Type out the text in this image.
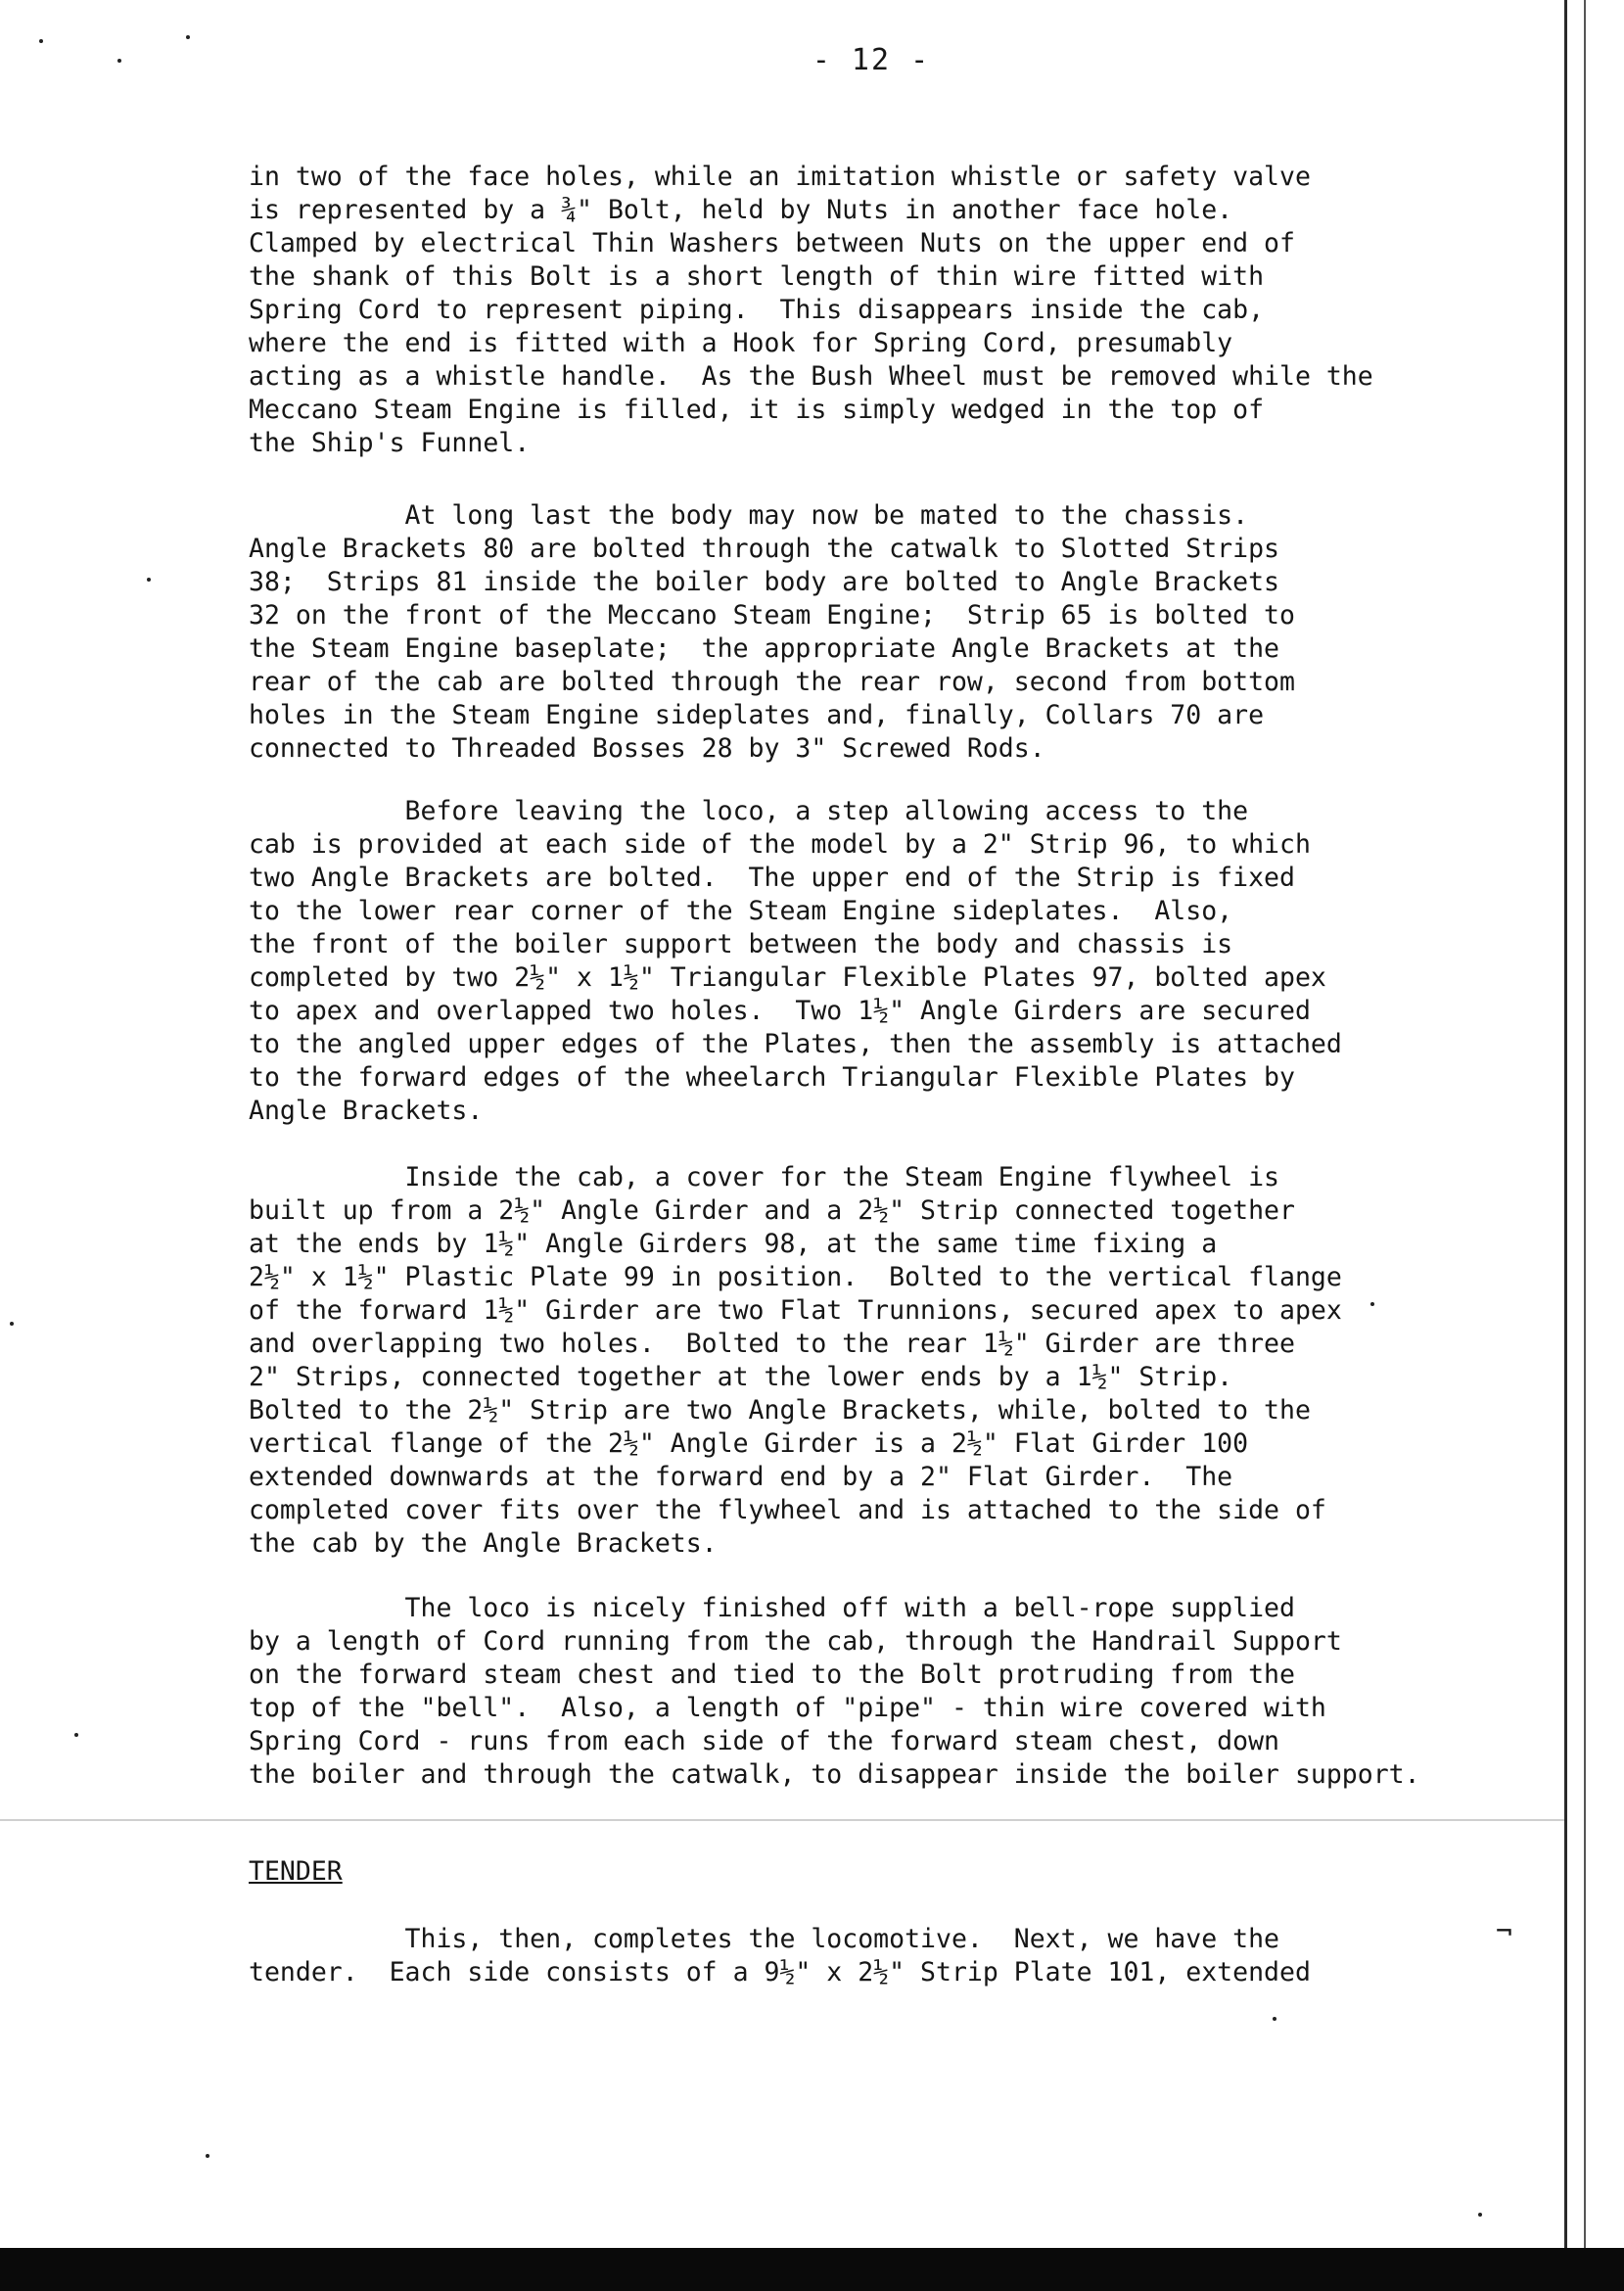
- 12 -
in two of the face holes, while an imitation whistle or safety valve
is represented by a ¾" Bolt, held by Nuts in another face hole.
Clamped by electrical Thin Washers between Nuts on the upper end of
the shank of this Bolt is a short length of thin wire fitted with
Spring Cord to represent piping.  This disappears inside the cab,
where the end is fitted with a Hook for Spring Cord, presumably
acting as a whistle handle.  As the Bush Wheel must be removed while the
Meccano Steam Engine is filled, it is simply wedged in the top of
the Ship's Funnel.
At long last the body may now be mated to the chassis.
Angle Brackets 80 are bolted through the catwalk to Slotted Strips
38;  Strips 81 inside the boiler body are bolted to Angle Brackets
32 on the front of the Meccano Steam Engine;  Strip 65 is bolted to
the Steam Engine baseplate;  the appropriate Angle Brackets at the
rear of the cab are bolted through the rear row, second from bottom
holes in the Steam Engine sideplates and, finally, Collars 70 are
connected to Threaded Bosses 28 by 3" Screwed Rods.
Before leaving the loco, a step allowing access to the
cab is provided at each side of the model by a 2" Strip 96, to which
two Angle Brackets are bolted.  The upper end of the Strip is fixed
to the lower rear corner of the Steam Engine sideplates.  Also,
the front of the boiler support between the body and chassis is
completed by two 2½" x 1½" Triangular Flexible Plates 97, bolted apex
to apex and overlapped two holes.  Two 1½" Angle Girders are secured
to the angled upper edges of the Plates, then the assembly is attached
to the forward edges of the wheelarch Triangular Flexible Plates by
Angle Brackets.
Inside the cab, a cover for the Steam Engine flywheel is
built up from a 2½" Angle Girder and a 2½" Strip connected together
at the ends by 1½" Angle Girders 98, at the same time fixing a
2½" x 1½" Plastic Plate 99 in position.  Bolted to the vertical flange
of the forward 1½" Girder are two Flat Trunnions, secured apex to apex
and overlapping two holes.  Bolted to the rear 1½" Girder are three
2" Strips, connected together at the lower ends by a 1½" Strip.
Bolted to the 2½" Strip are two Angle Brackets, while, bolted to the
vertical flange of the 2½" Angle Girder is a 2½" Flat Girder 100
extended downwards at the forward end by a 2" Flat Girder.  The
completed cover fits over the flywheel and is attached to the side of
the cab by the Angle Brackets.
The loco is nicely finished off with a bell-rope supplied
by a length of Cord running from the cab, through the Handrail Support
on the forward steam chest and tied to the Bolt protruding from the
top of the "bell".  Also, a length of "pipe" - thin wire covered with
Spring Cord - runs from each side of the forward steam chest, down
the boiler and through the catwalk, to disappear inside the boiler support.
TENDER
This, then, completes the locomotive.  Next, we have the
tender.  Each side consists of a 9½" x 2½" Strip Plate 101, extended
¬
